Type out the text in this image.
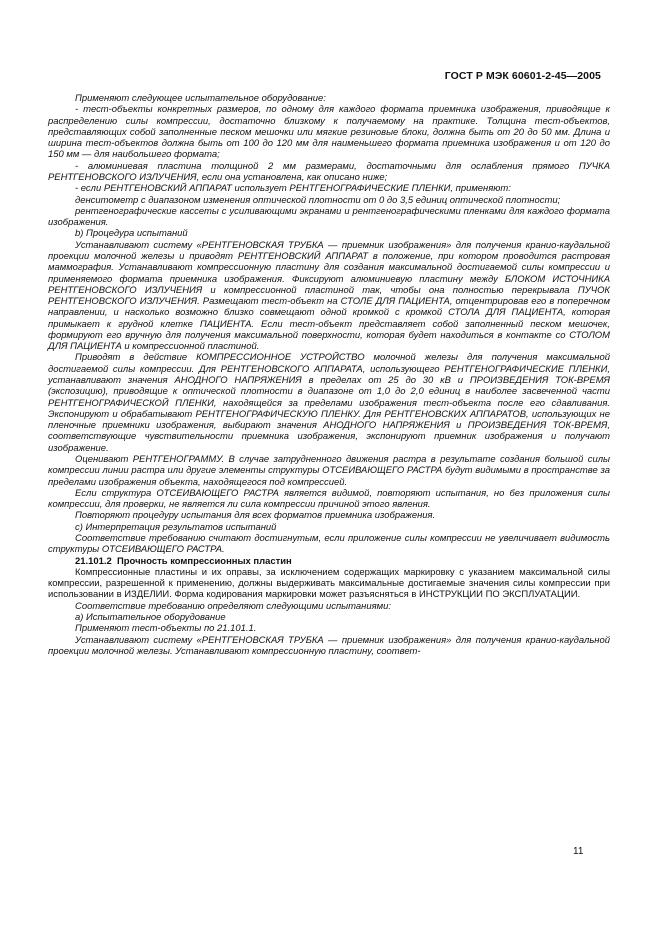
ГОСТ Р МЭК 60601-2-45—2005

Применяют следующее испытательное оборудование:

- тест-объекты конкретных размеров, по одному для каждого формата приемника изображения, приводящие к распределению силы компрессии, достаточно близкому к получаемому на практике. Толщина тест-объектов, представляющих собой заполненные песком мешочки или мягкие резиновые блоки, должна быть от 20 до 50 мм. Длина и ширина тест-объектов должна быть от 100 до 120 мм для наименьшего формата приемника изображения и от 120 до 150 мм — для наибольшего формата;

- алюминиевая пластина толщиной 2 мм размерами, достаточными для ослабления прямого ПУЧКА РЕНТГЕНОВСКОГО ИЗЛУЧЕНИЯ, если она установлена, как описано ниже;

- если РЕНТГЕНОВСКИЙ АППАРАТ использует РЕНТГЕНОГРАФИЧЕСКИЕ ПЛЕНКИ, применяют:

денситометр с диапазоном изменения оптической плотности от 0 до 3,5 единиц оптической плотности;

рентгенографические кассеты с усиливающими экранами и рентгенографическими пленками для каждого формата изображения.

b) Процедура испытаний

Устанавливают систему «РЕНТГЕНОВСКАЯ ТРУБКА — приемник изображения» для получения кранио-каудальной проекции молочной железы и приводят РЕНТГЕНОВСКИЙ АППАРАТ в положение, при котором проводится растровая маммография. Устанавливают компрессионную пластину для создания максимальной достигаемой силы компрессии и применяемого формата приемника изображения. Фиксируют алюминиевую пластину между БЛОКОМ ИСТОЧНИКА РЕНТГЕНОВСКОГО ИЗЛУЧЕНИЯ и компрессионной пластиной так, чтобы она полностью перекрывала ПУЧОК РЕНТГЕНОВСКОГО ИЗЛУЧЕНИЯ. Размещают тест-объект на СТОЛЕ ДЛЯ ПАЦИЕНТА, отцентрировав его в поперечном направлении, и насколько возможно близко совмещают одной кромкой с кромкой СТОЛА ДЛЯ ПАЦИЕНТА, которая примыкает к грудной клетке ПАЦИЕНТА. Если тест-объект представляет собой заполненный песком мешочек, формируют его вручную для получения максимальной поверхности, которая будет находиться в контакте со СТОЛОМ ДЛЯ ПАЦИЕНТА и компрессионной пластиной.

Приводят в действие КОМПРЕССИОННОЕ УСТРОЙСТВО молочной железы для получения максимальной достигаемой силы компрессии. Для РЕНТГЕНОВСКОГО АППАРАТА, использующего РЕНТГЕНОГРАФИЧЕСКИЕ ПЛЕНКИ, устанавливают значения АНОДНОГО НАПРЯЖЕНИЯ в пределах от 25 до 30 кВ и ПРОИЗВЕДЕНИЯ ТОК-ВРЕМЯ (экспозицию), приводящие к оптической плотности в диапазоне от 1,0 до 2,0 единиц в наиболее засвеченной части РЕНТГЕНОГРАФИЧЕСКОЙ ПЛЕНКИ, находящейся за пределами изображения тест-объекта после его сдавливания. Экспонируют и обрабатывают РЕНТГЕНОГРАФИЧЕСКУЮ ПЛЕНКУ. Для РЕНТГЕНОВСКИХ АППАРАТОВ, использующих не пленочные приемники изображения, выбирают значения АНОДНОГО НАПРЯЖЕНИЯ и ПРОИЗВЕДЕНИЯ ТОК-ВРЕМЯ, соответствующие чувствительности приемника изображения, экспонируют приемник изображения и получают изображение.

Оценивают РЕНТГЕНОГРАММУ. В случае затрудненного движения растра в результате создания большой силы компрессии линии растра или другие элементы структуры ОТСЕИВАЮЩЕГО РАСТРА будут видимыми в пространстве за пределами изображения объекта, находящегося под компрессией.

Если структура ОТСЕИВАЮЩЕГО РАСТРА является видимой, повторяют испытания, но без приложения силы компрессии, для проверки, не является ли сила компрессии причиной этого явления.

Повторяют процедуру испытания для всех форматов приемника изображения.

c) Интерпретация результатов испытаний

Соответствие требованию считают достигнутым, если приложение силы компрессии не увеличивает видимость структуры ОТСЕИВАЮЩЕГО РАСТРА.

21.101.2 Прочность компрессионных пластин

Компрессионные пластины и их оправы, за исключением содержащих маркировку с указанием максимальной силы компрессии, разрешенной к применению, должны выдерживать максимальные достигаемые значения силы компрессии при использовании в ИЗДЕЛИИ. Форма кодирования маркировки может разъясняться в ИНСТРУКЦИИ ПО ЭКСПЛУАТАЦИИ.

Соответствие требованию определяют следующими испытаниями:

a) Испытательное оборудование

Применяют тест-объекты по 21.101.1.

Устанавливают систему «РЕНТГЕНОВСКАЯ ТРУБКА — приемник изображения» для получения кранио-каудальной проекции молочной железы. Устанавливают компрессионную пластину, соответ-

11
